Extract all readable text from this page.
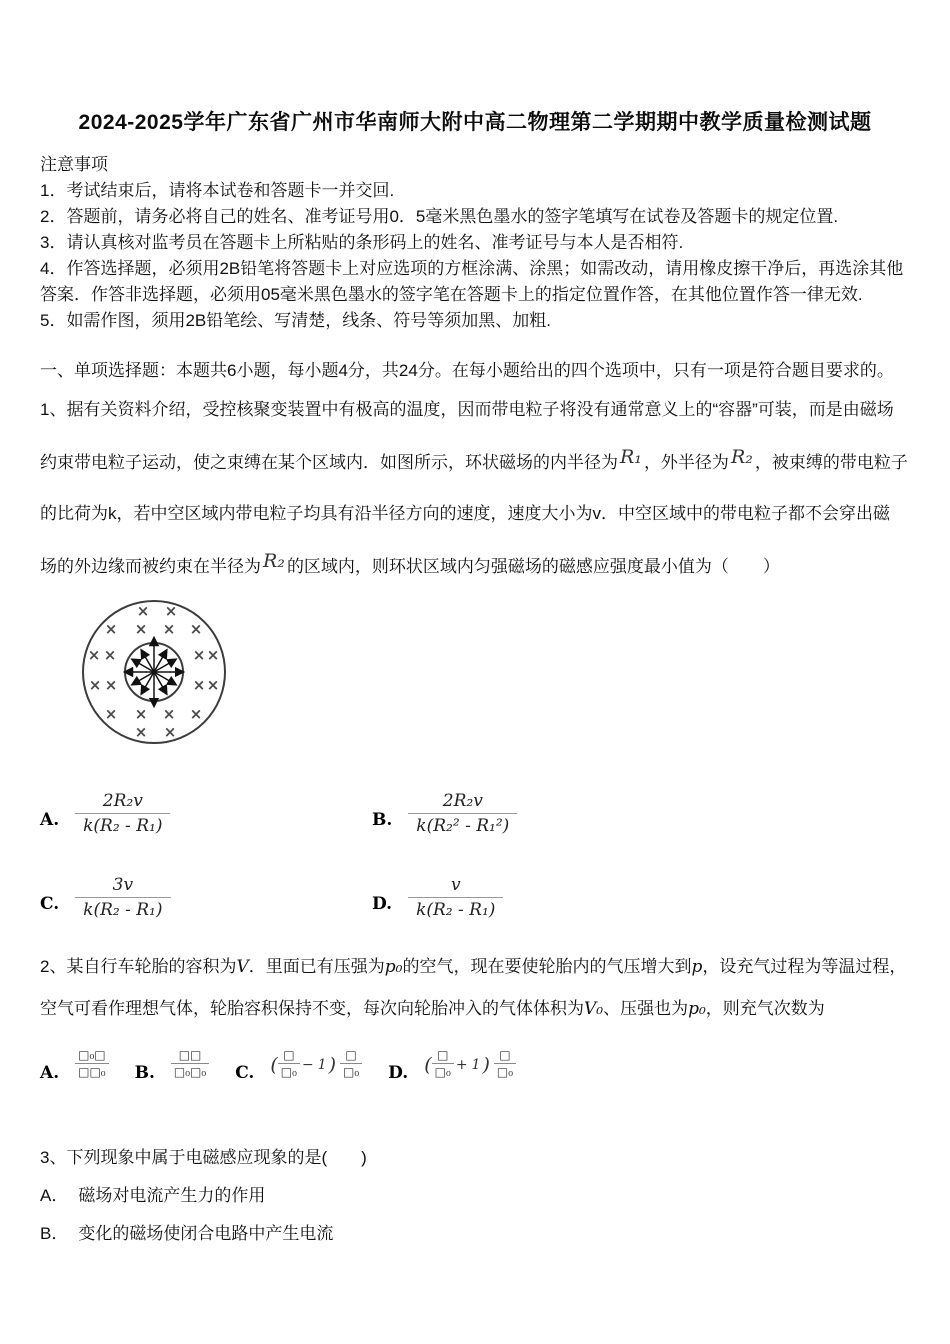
2024-2025学年广东省广州市华南师大附中高二物理第二学期期中教学质量检测试题
注意事项
1．考试结束后，请将本试卷和答题卡一并交回.
2．答题前，请务必将自己的姓名、准考证号用0．5毫米黑色墨水的签字笔填写在试卷及答题卡的规定位置.
3．请认真核对监考员在答题卡上所粘贴的条形码上的姓名、准考证号与本人是否相符.
4．作答选择题，必须用2B铅笔将答题卡上对应选项的方框涂满、涂黑；如需改动，请用橡皮擦干净后，再选涂其他答案．作答非选择题，必须用05毫米黑色墨水的签字笔在答题卡上的指定位置作答，在其他位置作答一律无效.
5．如需作图，须用2B铅笔绘、写清楚，线条、符号等须加黑、加粗.
一、单项选择题：本题共6小题，每小题4分，共24分。在每小题给出的四个选项中，只有一项是符合题目要求的。
1、据有关资料介绍，受控核聚变装置中有极高的温度，因而带电粒子将没有通常意义上的“容器”可装，而是由磁场
约束带电粒子运动，使之束缚在某个区域内．如图所示，环状磁场的内半径为 R₁ ，外半径为 R₂ ，被束缚的带电粒子
的比荷为k，若中空区域内带电粒子均具有沿半径方向的速度，速度大小为v．中空区域中的带电粒子都不会穿出磁
场的外边缘而被约束在半径为 R₂ 的区域内，则环状区域内匀强磁场的磁感应强度最小值为（　　）
× ×
× × × ×
× ×	× ×
× ×	× ×
× × × ×
× ×
A. $\frac{\text{2R₂v}}{\text{k(R₂ - R₁)}}$	B. $\frac{\text{2R₂v}}{\text{k(R₂² - R₁²)}}$
C. $\frac{3v}{\text{k(R₂ - R₁)}}$	D. $\frac{v}{\text{k(R₂ - R₁)}}$
2、某自行车轮胎的容积为V．里面已有压强为p₀的空气，现在要使轮胎内的气压增大到p，设充气过程为等温过程，
空气可看作理想气体，轮胎容积保持不变，每次向轮胎冲入的气体体积为V₀、压强也为p₀，则充气次数为
A. $\frac{\text{□₀□}}{\text{□□₀}} B$. $\frac{□□}{\text{□₀□₀}} C$. ( $\frac{□}{\text{□₀}} - 1$ ) $\frac{□}{\text{□₀}} D$. ( $\frac{□}{\text{□₀}} + 1$ ) $\frac{□}{\text{□₀}}$
3、下列现象中属于电磁感应现象的是(　　)
A． 磁场对电流产生力的作用
B． 变化的磁场使闭合电路中产生电流
